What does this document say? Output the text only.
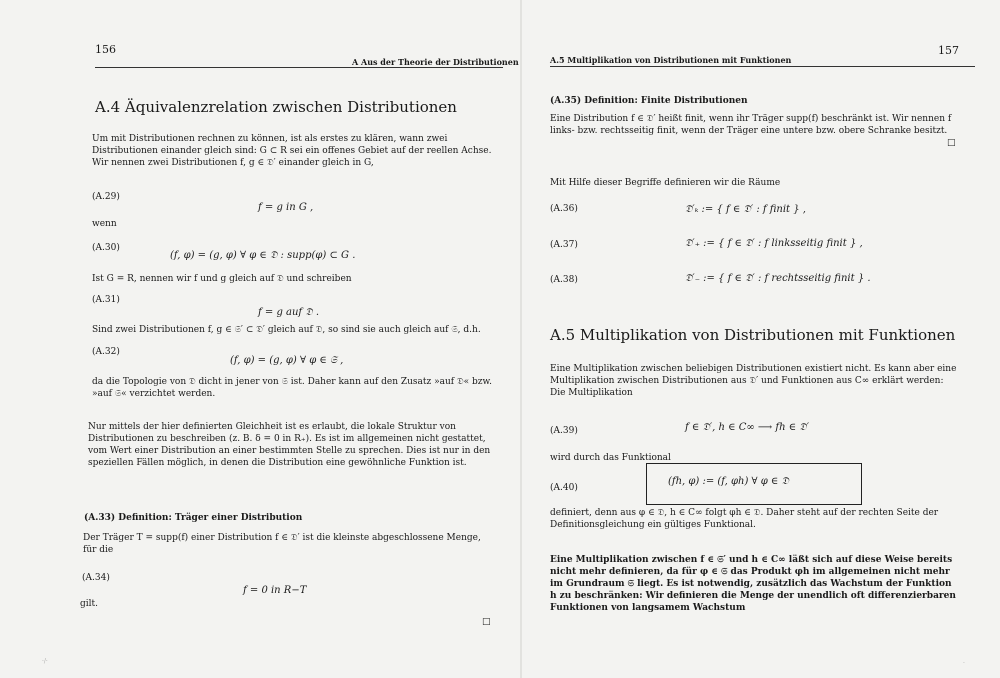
156
A Aus der Theorie der Distributionen
A.4 Äquivalenzrelation zwischen Distributionen
Um mit Distributionen rechnen zu können, ist als erstes zu klären, wann zwei Distributionen einander gleich sind: G ⊂ R sei ein offenes Gebiet auf der reellen Achse. Wir nennen zwei Distributionen f, g ∈ 𝔇′ einander gleich in G,
(A.29)
f = g in G ,
wenn
(A.30)
(f, φ) = (g, φ) ∀ φ ∈ 𝔇 : supp(φ) ⊂ G .
Ist G = R, nennen wir f und g gleich auf 𝔇 und schreiben
(A.31)
f = g auf 𝔇 .
Sind zwei Distributionen f, g ∈ 𝔖′ ⊂ 𝔇′ gleich auf 𝔇, so sind sie auch gleich auf 𝔖, d.h.
(A.32)
(f, φ) = (g, φ) ∀ φ ∈ 𝔖 ,
da die Topologie von 𝔇 dicht in jener von 𝔖 ist. Daher kann auf den Zusatz »auf 𝔇« bzw. »auf 𝔖« verzichtet werden.
Nur mittels der hier definierten Gleichheit ist es erlaubt, die lokale Struktur von Distributionen zu beschreiben (z. B. δ = 0 in R₊). Es ist im allgemeinen nicht gestattet, vom Wert einer Distribution an einer bestimmten Stelle zu sprechen. Dies ist nur in den speziellen Fällen möglich, in denen die Distribution eine gewöhnliche Funktion ist.
(A.33) Definition: Träger einer Distribution
Der Träger T = supp(f) einer Distribution f ∈ 𝔇′ ist die kleinste abgeschlossene Menge, für die
(A.34)
f = 0 in R−T
gilt.
□
157
A.5 Multiplikation von Distributionen mit Funktionen
(A.35) Definition: Finite Distributionen
Eine Distribution f ∈ 𝔇′ heißt finit, wenn ihr Träger supp(f) beschränkt ist. Wir nennen f links- bzw. rechtsseitig finit, wenn der Träger eine untere bzw. obere Schranke besitzt.
□
Mit Hilfe dieser Begriffe definieren wir die Räume
(A.36)	𝔇′ₖ := { f ∈ 𝔇′ : f finit } ,
(A.37)	𝔇′₊ := { f ∈ 𝔇′ : f linksseitig finit } ,
(A.38)	𝔇′₋ := { f ∈ 𝔇′ : f rechtsseitig finit } .
A.5 Multiplikation von Distributionen mit Funktionen
Eine Multiplikation zwischen beliebigen Distributionen existiert nicht. Es kann aber eine Multiplikation zwischen Distributionen aus 𝔇′ und Funktionen aus C∞ erklärt werden: Die Multiplikation
(A.39)	f ∈ 𝔇′, h ∈ C∞ ⟶ fh ∈ 𝔇′
wird durch das Funktional
(A.40)
(fh, φ) := (f, φh) ∀ φ ∈ 𝔇
definiert, denn aus φ ∈ 𝔇, h ∈ C∞ folgt φh ∈ 𝔇. Daher steht auf der rechten Seite der Definitionsgleichung ein gültiges Funktional.
Eine Multiplikation zwischen f ∈ 𝔖′ und h ∈ C∞ läßt sich auf diese Weise bereits nicht mehr definieren, da für φ ∈ 𝔖 das Produkt φh im allgemeinen nicht mehr im Grundraum 𝔖 liegt. Es ist notwendig, zusätzlich das Wachstum der Funktion h zu beschränken: Wir definieren die Menge der unendlich oft differenzierbaren Funktionen von langsamem Wachstum
·/·	·
